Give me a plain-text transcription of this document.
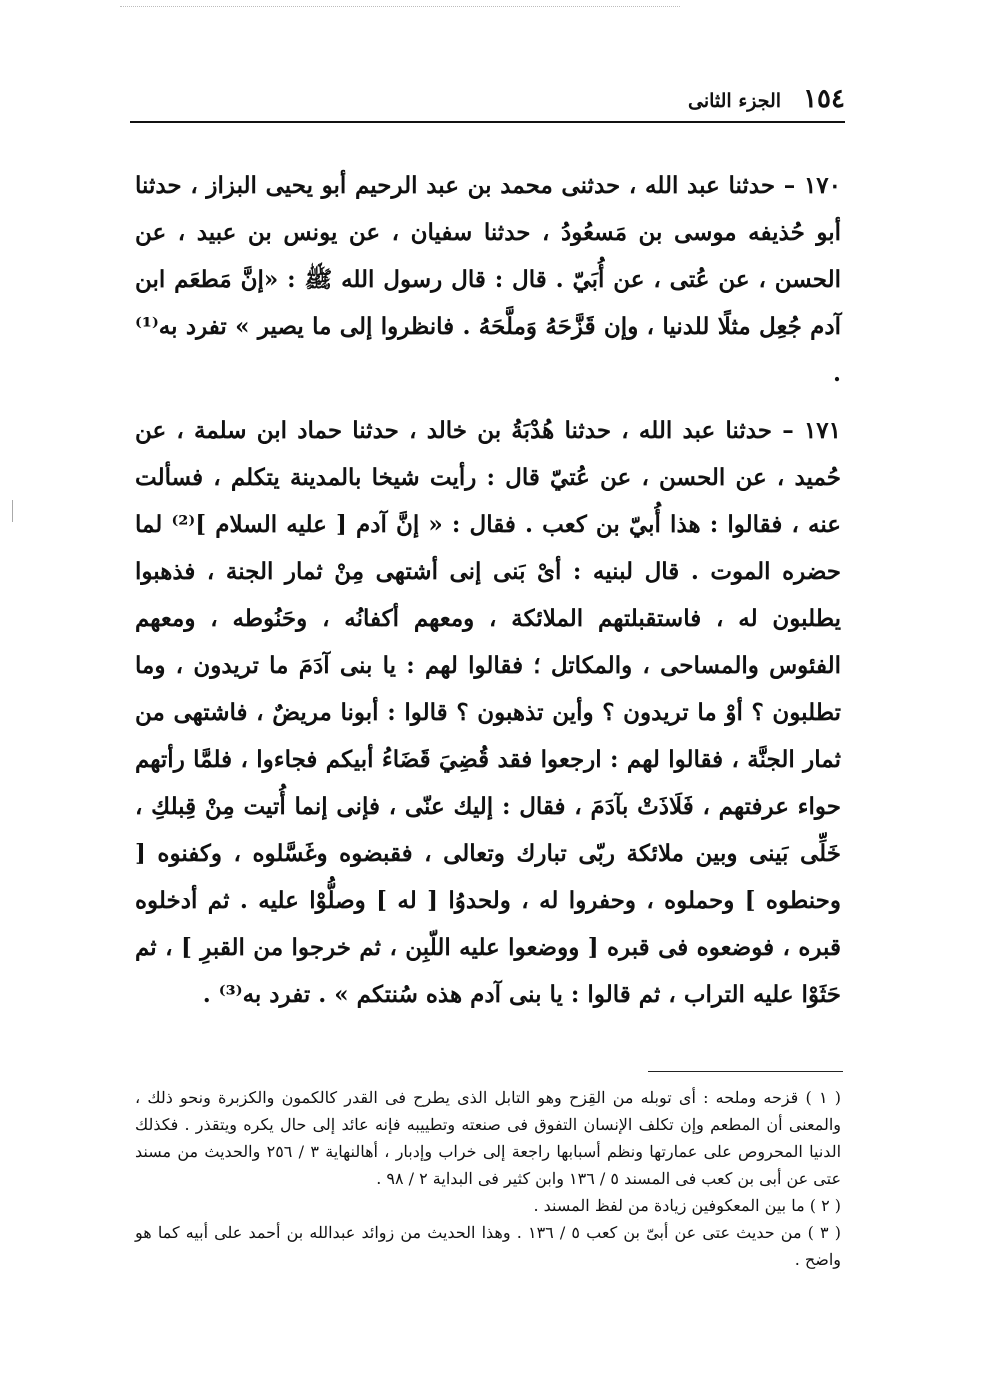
١٥٤
الجزء الثانى

١٧٠ – حدثنا عبد الله ، حدثنى محمد بن عبد الرحيم أبو يحيى البزاز ، حدثنا أبو حُذيفه موسى بن مَسعُودُ ، حدثنا سفيان ، عن يونس بن عبيد ، عن الحسن ، عن عُتى ، عن أُبَيّ . قال : قال رسول الله ﷺ : «إنَّ مَطعَم ابن آدم جُعِل مثلًا للدنيا ، وإن قَزَّحَهُ وَملَّحَهُ . فانظروا إلى ما يصير » تفرد به⁽¹⁾ .

١٧١ – حدثنا عبد الله ، حدثنا هُدْبَةُ بن خالد ، حدثنا حماد ابن سلمة ، عن حُميد ، عن الحسن ، عن عُتيّ قال : رأيت شيخا بالمدينة يتكلم ، فسألت عنه ، فقالوا : هذا أُبيّ بن كعب . فقال : « إنَّ آدم [ عليه السلام ]⁽²⁾ لما حضره الموت . قال لبنيه : أىْ بَنى إنى أشتهى مِنْ ثمار الجنة ، فذهبوا يطلبون له ، فاستقبلتهم الملائكة ، ومعهم أكفانُه ، وحَنُوطه ، ومعهم الفئوس والمساحى ، والمكاتل ؛ فقالوا لهم : يا بنى آدَمَ ما تريدون ، وما تطلبون ؟ أوْ ما تريدون ؟ وأين تذهبون ؟ قالوا : أبونا مريضٌ ، فاشتهى من ثمار الجنَّة ، فقالوا لهم : ارجعوا فقد قُضِيَ قَضَاءُ أبيكم فجاءوا ، فلمَّا رأتهم حواء عرفتهم ، فَلَاذَتْ بآدَمَ ، فقال : إليك عنّى ، فإنى إنما أُتيت مِنْ قِبلكِ ، خَلِّى بَينى وبين ملائكة ربّى تبارك وتعالى ، فقبضوه وغَسَّلوه ، وكفنوه [ وحنطوه ] وحملوه ، وحفروا له ، ولحدوُا [ له ] وصلُّوْا عليه . ثم أدخلوه قبره ، فوضعوه فى قبره [ ووضعوا عليه اللّبِن ، ثم خرجوا من القبرِ ] ، ثم حَثَوْا عليه التراب ، ثم قالوا : يا بنى آدم هذه سُنتكم » . تفرد به⁽³⁾ .

( ١ ) قزحه وملحه : أى توبله من القِزح وهو التابل الذى يطرح فى القدر كالكمون والكزبرة ونحو ذلك ، والمعنى أن المطعم وإن تكلف الإنسان التفوق فى صنعته وتطييبه فإنه عائد إلى حال يكره ويتقذر . فكذلك الدنيا المحروص على عمارتها ونظم أسبابها راجعة إلى خراب وإدبار ، أهالنهاية ٣ / ٢٥٦ والحديث من مسند عتى عن أبى بن كعب فى المسند ٥ / ١٣٦ وابن كثير فى البداية ٢ / ٩٨ .

( ٢ ) ما بين المعكوفين زيادة من لفظ المسند .

( ٣ ) من حديث عتى عن أبىّ بن كعب ٥ / ١٣٦ . وهذا الحديث من زوائد عبدالله بن أحمد على أبيه كما هو واضح .
